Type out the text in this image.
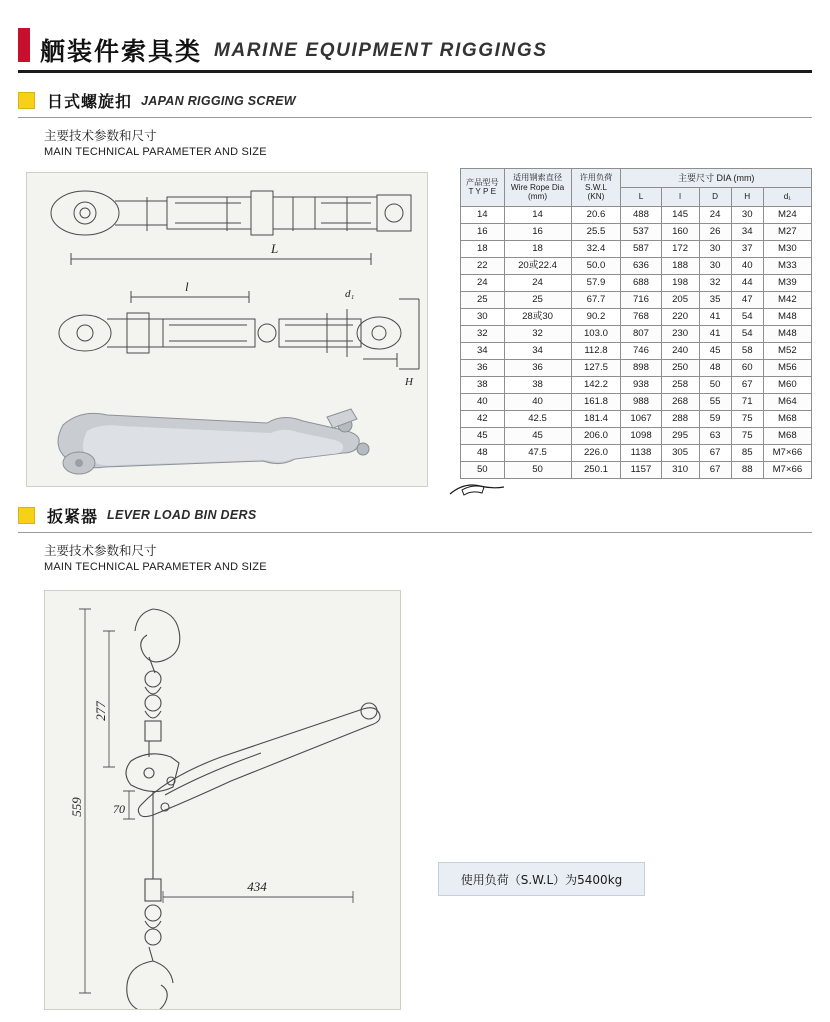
舾装件索具类 MARINE EQUIPMENT RIGGINGS
日式螺旋扣 JAPAN RIGGING SCREW
主要技术参数和尺寸
MAIN TECHNICAL PARAMETER AND SIZE
L
l	d₁
H
产品型号
T Y P E	适用钢索直径
Wire Rope Dia
(mm)	许用负荷
S.W.L
(KN)	主要尺寸 DIA (mm)				
			L	l	D	H	d₁
14	14	20.6	488	145	24	30	M24
16	16	25.5	537	160	26	34	M27
18	18	32.4	587	172	30	37	M30
22	20或22.4	50.0	636	188	30	40	M33
24	24	57.9	688	198	32	44	M39
25	25	67.7	716	205	35	47	M42
30	28或30	90.2	768	220	41	54	M48
32	32	103.0	807	230	41	54	M48
34	34	112.8	746	240	45	58	M52
36	36	127.5	898	250	48	60	M56
38	38	142.2	938	258	50	67	M60
40	40	161.8	988	268	55	71	M64
42	42.5	181.4	1067	288	59	75	M68
45	45	206.0	1098	295	63	75	M68
48	47.5	226.0	1138	305	67	85	M7×66
50	50	250.1	1157	310	67	88	M7×66
扳紧器 LEVER LOAD BIN DERS
主要技术参数和尺寸
MAIN TECHNICAL PARAMETER AND SIZE
277
559 70
434	使用负荷（S.W.L）为5400kg
